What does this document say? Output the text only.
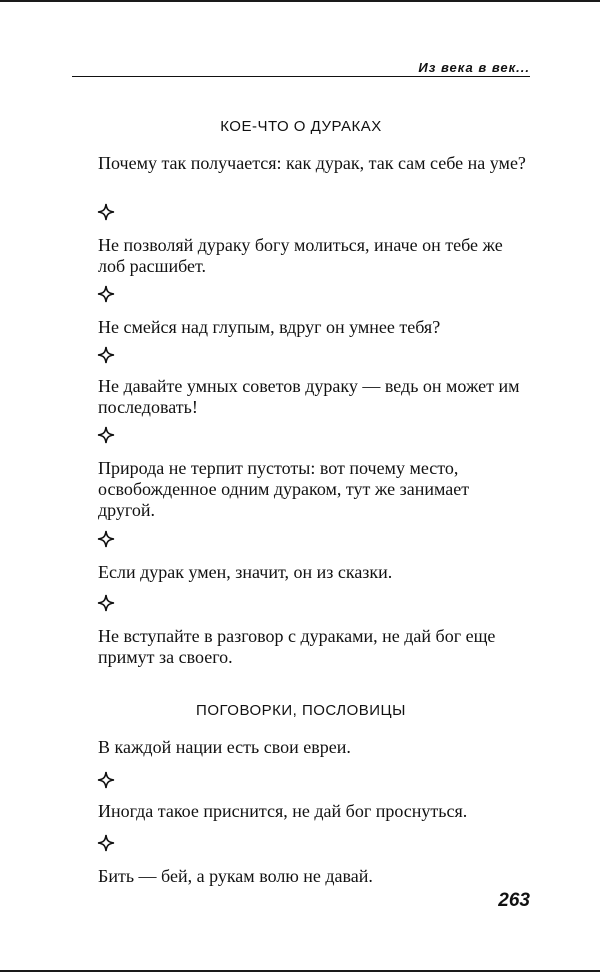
Из века в век...
КОЕ-ЧТО О ДУРАКАХ

Почему так получается: как дурак, так сам себе на уме?

Не позволяй дураку богу молиться, иначе он тебе же лоб расшибет.

Не смейся над глупым, вдруг он умнее тебя?

Не давайте умных советов дураку — ведь он может им последовать!

Природа не терпит пустоты: вот почему место, освобожденное одним дураком, тут же занимает другой.

Если дурак умен, значит, он из сказки.

Не вступайте в разговор с дураками, не дай бог еще примут за своего.

ПОГОВОРКИ, ПОСЛОВИЦЫ

В каждой нации есть свои евреи.

Иногда такое приснится, не дай бог проснуться.

Бить — бей, а рукам волю не давай.

263
